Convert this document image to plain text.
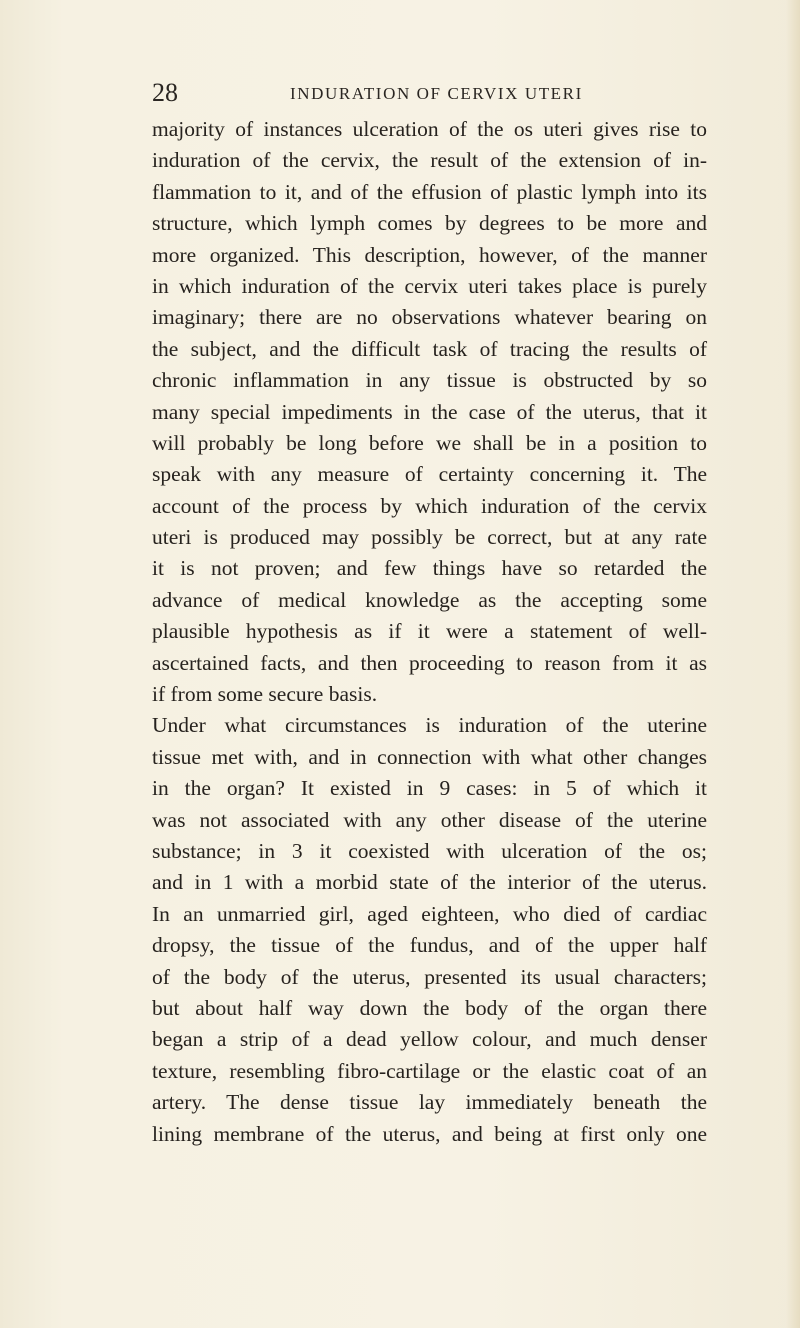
28	INDURATION OF CERVIX UTERI
majority of instances ulceration of the os uteri gives rise to
induration of the cervix, the result of the extension of in-
flammation to it, and of the effusion of plastic lymph into its
structure, which lymph comes by degrees to be more and
more organized. This description, however, of the manner
in which induration of the cervix uteri takes place is purely
imaginary; there are no observations whatever bearing on
the subject, and the difficult task of tracing the results of
chronic inflammation in any tissue is obstructed by so
many special impediments in the case of the uterus, that it
will probably be long before we shall be in a position to
speak with any measure of certainty concerning it. The
account of the process by which induration of the cervix
uteri is produced may possibly be correct, but at any rate
it is not proven; and few things have so retarded the
advance of medical knowledge as the accepting some
plausible hypothesis as if it were a statement of well-
ascertained facts, and then proceeding to reason from it as
if from some secure basis.
Under what circumstances is induration of the uterine
tissue met with, and in connection with what other changes
in the organ? It existed in 9 cases: in 5 of which it
was not associated with any other disease of the uterine
substance; in 3 it coexisted with ulceration of the os;
and in 1 with a morbid state of the interior of the uterus.
In an unmarried girl, aged eighteen, who died of cardiac
dropsy, the tissue of the fundus, and of the upper half
of the body of the uterus, presented its usual characters;
but about half way down the body of the organ there
began a strip of a dead yellow colour, and much denser
texture, resembling fibro-cartilage or the elastic coat of an
artery. The dense tissue lay immediately beneath the
lining membrane of the uterus, and being at first only one
